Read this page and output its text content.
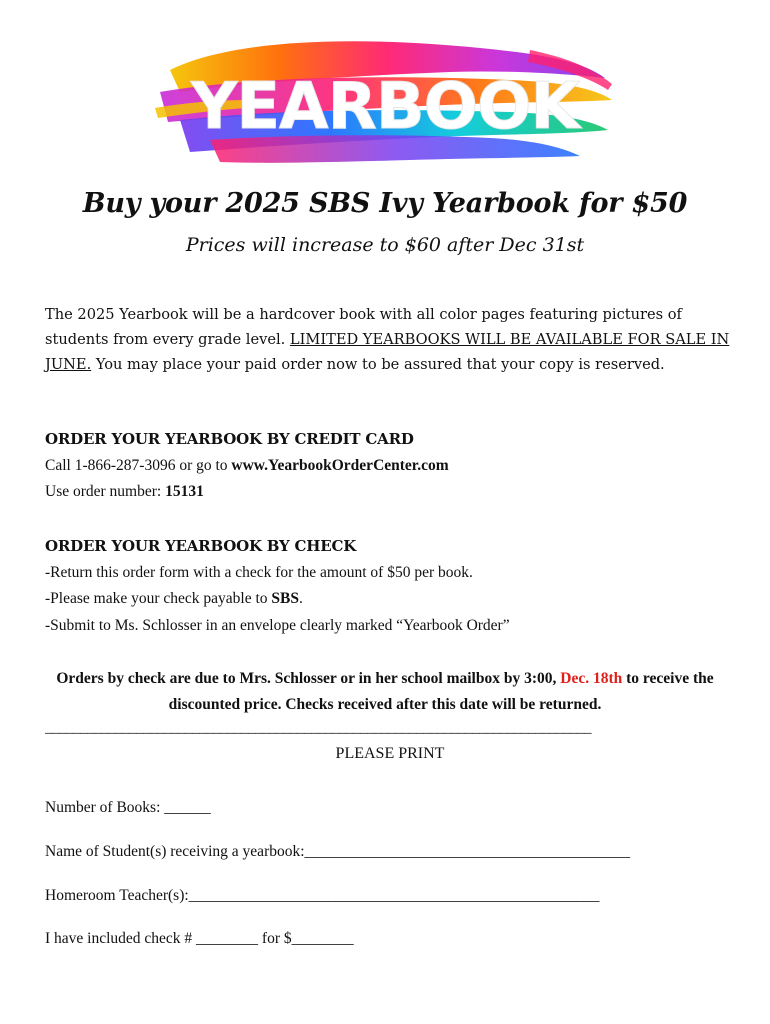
YEARBOOK
Buy your 2025 SBS Ivy Yearbook for $50
Prices will increase to $60 after Dec 31st
The 2025 Yearbook will be a hardcover book with all color pages featuring pictures of students from every grade level. LIMITED YEARBOOKS WILL BE AVAILABLE FOR SALE IN JUNE. You may place your paid order now to be assured that your copy is reserved.
ORDER YOUR YEARBOOK BY CREDIT CARD
Call 1-866-287-3096 or go to www.YearbookOrderCenter.com
Use order number: 15131
ORDER YOUR YEARBOOK BY CHECK
-Return this order form with a check for the amount of $50 per book.
-Please make your check payable to SBS.
-Submit to Ms. Schlosser in an envelope clearly marked “Yearbook Order”
Orders by check are due to Mrs. Schlosser or in her school mailbox by 3:00, Dec. 18th to receive the discounted price. Checks received after this date will be returned.
______________________________________________________________________________
PLEASE PRINT
Number of Books: ______
Name of Student(s) receiving a yearbook:__________________________________________
Homeroom Teacher(s):_____________________________________________________
I have included check # ________ for $________
